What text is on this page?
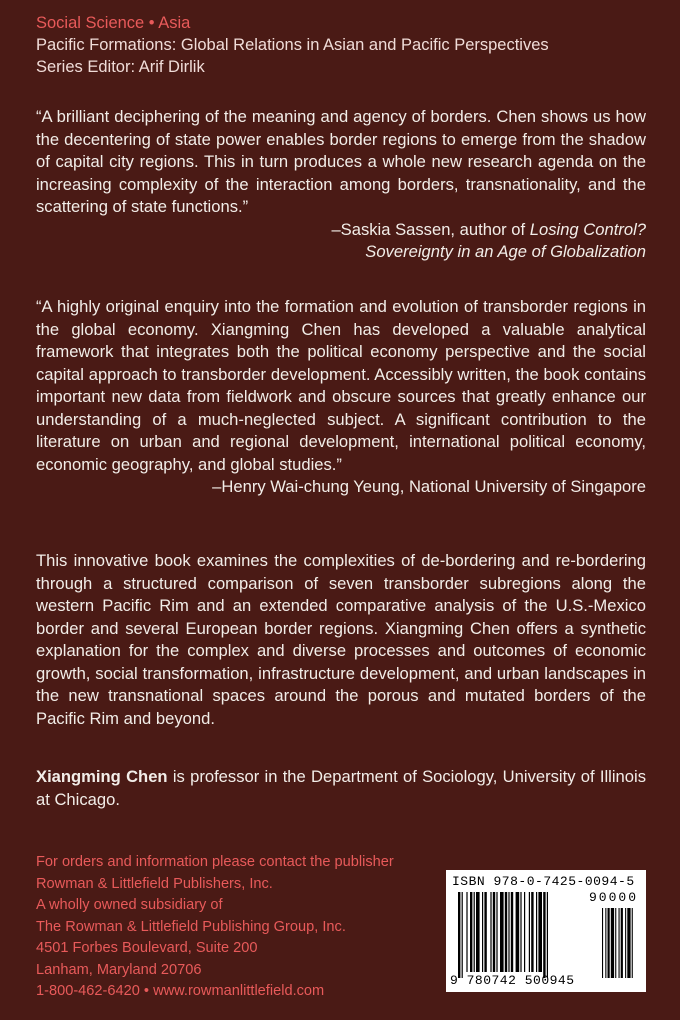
Social Science • Asia
Pacific Formations: Global Relations in Asian and Pacific Perspectives
Series Editor: Arif Dirlik

“A brilliant deciphering of the meaning and agency of borders. Chen shows us how the decentering of state power enables border regions to emerge from the shadow of capital city regions. This in turn produces a whole new research agenda on the increasing complexity of the interaction among borders, transnationality, and the scattering of state functions.”

–Saskia Sassen, author of Losing Control?
Sovereignty in an Age of Globalization

“A highly original enquiry into the formation and evolution of transborder regions in the global economy. Xiangming Chen has developed a valuable analytical framework that integrates both the political economy perspective and the social capital approach to transborder development. Accessibly written, the book contains important new data from fieldwork and obscure sources that greatly enhance our understanding of a much-neglected subject. A significant contribution to the literature on urban and regional development, international political economy, economic geography, and global studies.”

–Henry Wai-chung Yeung, National University of Singapore

This innovative book examines the complexities of de-bordering and re-bordering through a structured comparison of seven transborder subregions along the western Pacific Rim and an extended comparative analysis of the U.S.-Mexico border and several European border regions. Xiangming Chen offers a synthetic explanation for the complex and diverse processes and outcomes of economic growth, social transformation, infrastructure development, and urban landscapes in the new transnational spaces around the porous and mutated borders of the Pacific Rim and beyond.

Xiangming Chen is professor in the Department of Sociology, University of Illinois at Chicago.

For orders and information please contact the publisher
Rowman & Littlefield Publishers, Inc.
A wholly owned subsidiary of
The Rowman & Littlefield Publishing Group, Inc.
4501 Forbes Boulevard, Suite 200
Lanham, Maryland 20706
1-800-462-6420 • www.rowmanlittlefield.com
ISBN 978-0-7425-0094-5
90000
9 780742 500945
